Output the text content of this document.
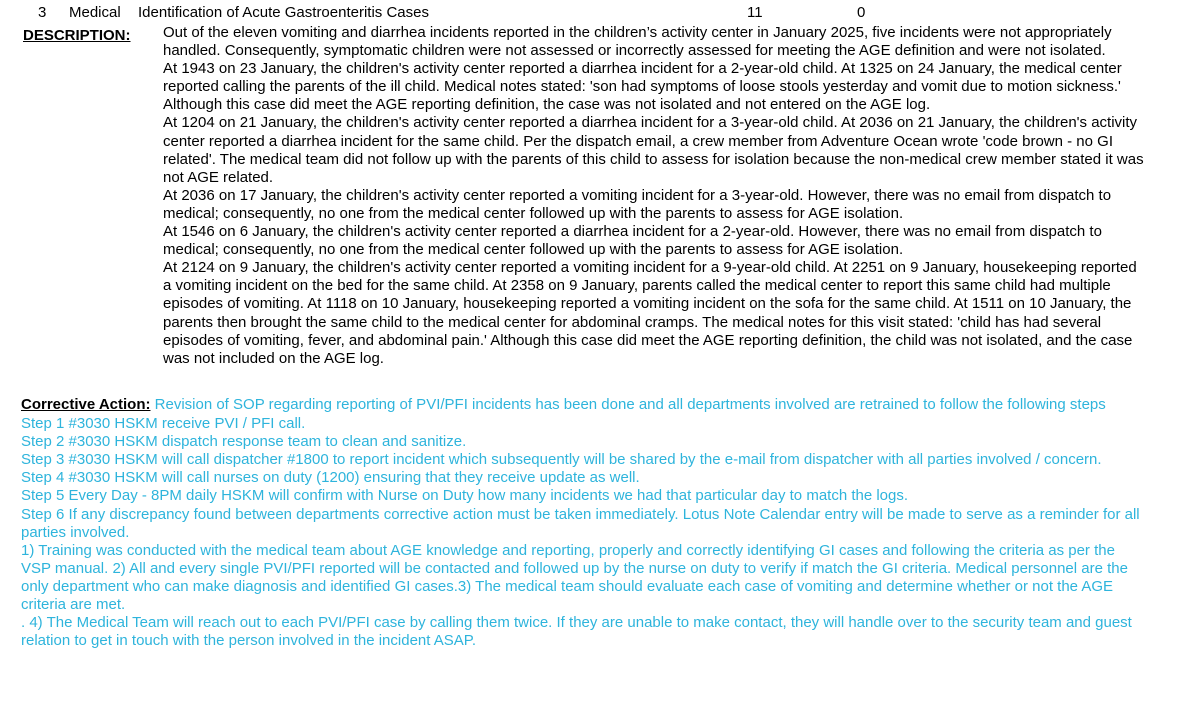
3 Medical Identification of Acute Gastroenteritis Cases	11	0
DESCRIPTION: Out of the eleven vomiting and diarrhea incidents reported in the children’s activity center in January 2025, five incidents were not appropriately handled. Consequently, symptomatic children were not assessed or incorrectly assessed for meeting the AGE definition and were not isolated.

At 1943 on 23 January, the children's activity center reported a diarrhea incident for a 2-year-old child. At 1325 on 24 January, the medical center reported calling the parents of the ill child. Medical notes stated: 'son had symptoms of loose stools yesterday and vomit due to motion sickness.' Although this case did meet the AGE reporting definition, the case was not isolated and not entered on the AGE log.

At 1204 on 21 January, the children's activity center reported a diarrhea incident for a 3-year-old child. At 2036 on 21 January, the children's activity center reported a diarrhea incident for the same child. Per the dispatch email, a crew member from Adventure Ocean wrote 'code brown - no GI related'. The medical team did not follow up with the parents of this child to assess for isolation because the non-medical crew member stated it was not AGE related.

At 2036 on 17 January, the children's activity center reported a vomiting incident for a 3-year-old. However, there was no email from dispatch to medical; consequently, no one from the medical center followed up with the parents to assess for AGE isolation.

At 1546 on 6 January, the children's activity center reported a diarrhea incident for a 2-year-old. However, there was no email from dispatch to medical; consequently, no one from the medical center followed up with the parents to assess for AGE isolation.

At 2124 on 9 January, the children's activity center reported a vomiting incident for a 9-year-old child. At 2251 on 9 January, housekeeping reported a vomiting incident on the bed for the same child. At 2358 on 9 January, parents called the medical center to report this same child had multiple episodes of vomiting. At 1118 on 10 January, housekeeping reported a vomiting incident on the sofa for the same child. At 1511 on 10 January, the parents then brought the same child to the medical center for abdominal cramps. The medical notes for this visit stated: 'child has had several episodes of vomiting, fever, and abdominal pain.' Although this case did meet the AGE reporting definition, the child was not isolated, and the case was not included on the AGE log.

Corrective Action: Revision of SOP regarding reporting of PVI/PFI incidents has been done and all departments involved are retrained to follow the following steps

Step 1 #3030 HSKM receive PVI / PFI call.

Step 2 #3030 HSKM dispatch response team to clean and sanitize.

Step 3 #3030 HSKM will call dispatcher #1800 to report incident which subsequently will be shared by the e-mail from dispatcher with all parties involved / concern.

Step 4 #3030 HSKM will call nurses on duty (1200) ensuring that they receive update as well.

Step 5 Every Day - 8PM daily HSKM will confirm with Nurse on Duty how many incidents we had that particular day to match the logs.

Step 6 If any discrepancy found between departments corrective action must be taken immediately. Lotus Note Calendar entry will be made to serve as a reminder for all parties involved.

1) Training was conducted with the medical team about AGE knowledge and reporting, properly and correctly identifying GI cases and following the criteria as per the VSP manual. 2) All and every single PVI/PFI reported will be contacted and followed up by the nurse on duty to verify if match the GI criteria. Medical personnel are the only department who can make diagnosis and identified GI cases.3) The medical team should evaluate each case of vomiting and determine whether or not the AGE criteria are met.

. 4) The Medical Team will reach out to each PVI/PFI case by calling them twice. If they are unable to make contact, they will handle over to the security team and guest relation to get in touch with the person involved in the incident ASAP.
